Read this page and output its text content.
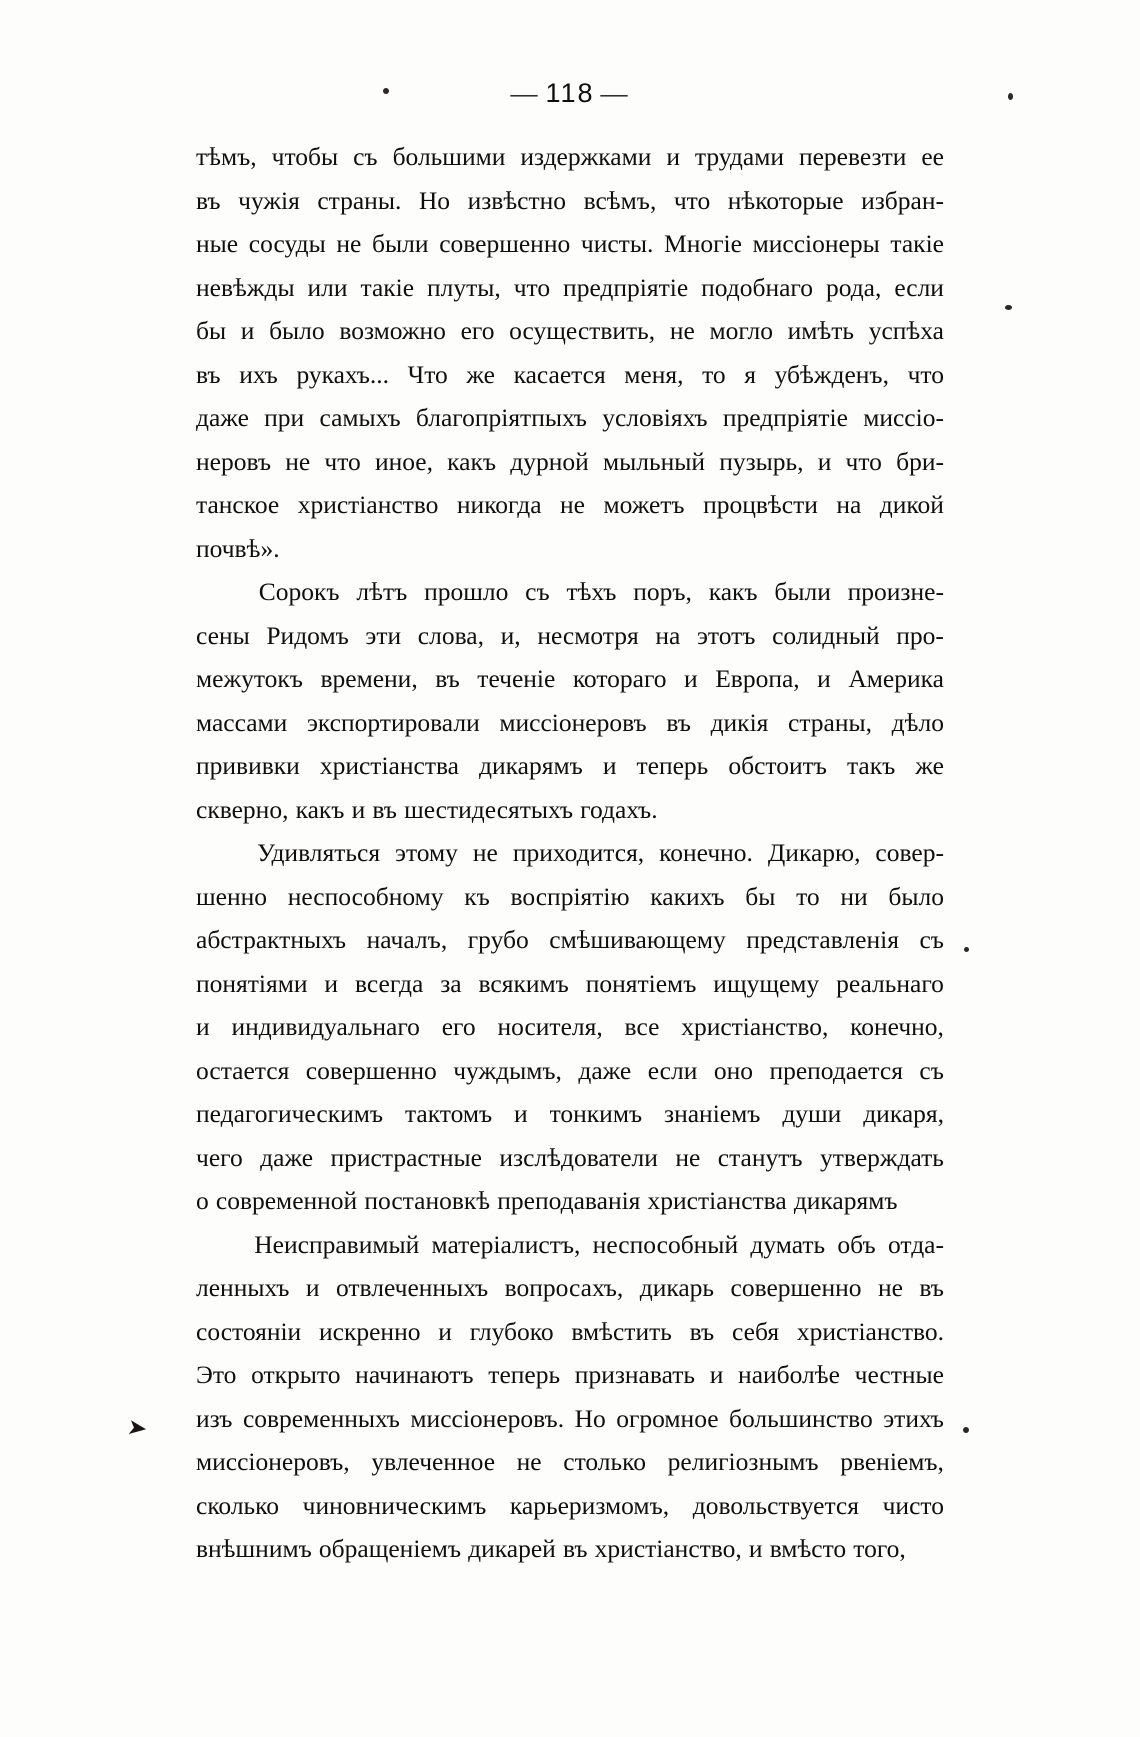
— 118 —
➤
тѣмъ, чтобы съ большими издержками и трудами перевезти ее
въ чужія страны. Но извѣстно всѣмъ, что нѣкоторые избран-
ные сосуды не были совершенно чисты. Многіе миссіонеры такіе
невѣжды или такіе плуты, что предпріятіе подобнаго рода, если
бы и было возможно его осуществить, не могло имѣть успѣха
въ ихъ рукахъ... Что же касается меня, то я убѣжденъ, что
даже при самыхъ благопріятпыхъ условіяхъ предпріятіе миссіо-
неровъ не что иное, какъ дурной мыльный пузырь, и что бри-
танское христіанство никогда не можетъ процвѣсти на дикой
почвѣ».
Сорокъ лѣтъ прошло съ тѣхъ поръ, какъ были произне-
сены Ридомъ эти слова, и, несмотря на этотъ солидный про-
межутокъ времени, въ теченіе котораго и Европа, и Америка
массами экспортировали миссіонеровъ въ дикія страны, дѣло
прививки христіанства дикарямъ и теперь обстоитъ такъ же
скверно, какъ и въ шестидесятыхъ годахъ.
Удивляться этому не приходится, конечно. Дикарю, совер-
шенно неспособному къ воспріятію какихъ бы то ни было
абстрактныхъ началъ, грубо смѣшивающему представленія съ
понятіями и всегда за всякимъ понятіемъ ищущему реальнаго
и индивидуальнаго его носителя, все христіанство, конечно,
остается совершенно чуждымъ, даже если оно преподается съ
педагогическимъ тактомъ и тонкимъ знаніемъ души дикаря,
чего даже пристрастные изслѣдователи не станутъ утверждать
о современной постановкѣ преподаванія христіанства дикарямъ
Неисправимый матеріалистъ, неспособный думать объ отда-
ленныхъ и отвлеченныхъ вопросахъ, дикарь совершенно не въ
состояніи искренно и глубоко вмѣстить въ себя христіанство.
Это открыто начинаютъ теперь признавать и наиболѣе честные
изъ современныхъ миссіонеровъ. Но огромное большинство этихъ
миссіонеровъ, увлеченное не столько религіознымъ рвеніемъ,
сколько чиновническимъ карьеризмомъ, довольствуется чисто
внѣшнимъ обращеніемъ дикарей въ христіанство, и вмѣсто того,
